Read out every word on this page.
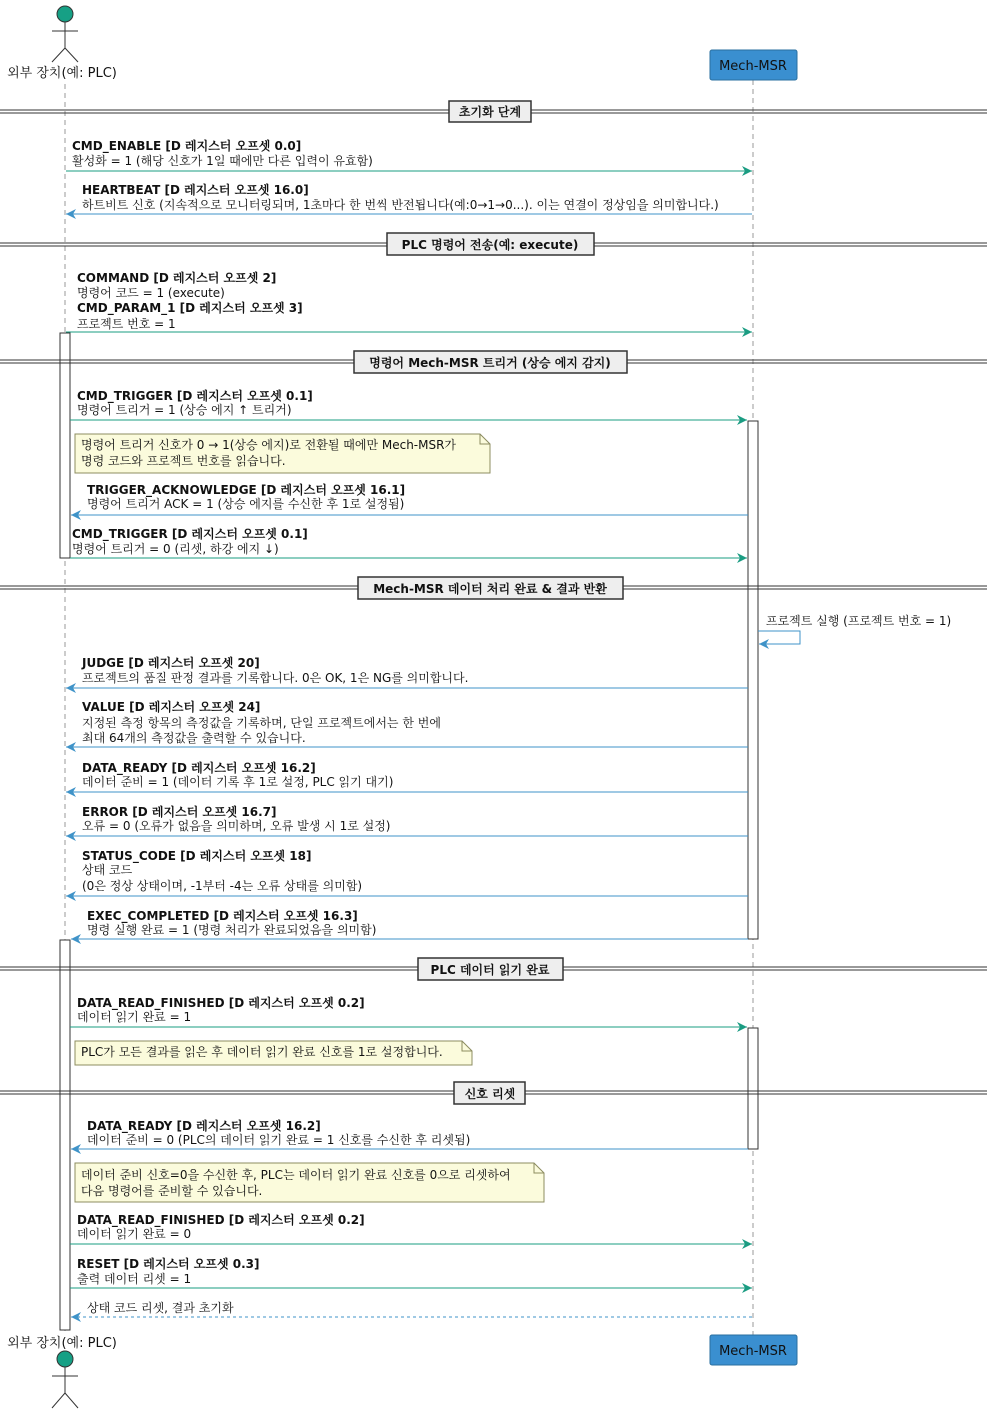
외부 장치(예: PLC)	Mech-MSR
외부 장치(예: PLC)
Mech-MSR
초기화 단계
PLC 명령어 전송(예: execute)
명령어 Mech-MSR 트리거 (상승 에지 감지)
Mech-MSR 데이터 처리 완료 & 결과 반환
PLC 데이터 읽기 완료
신호 리셋
명령어 트리거 신호가 0 → 1(상승 에지)로 전환될 때에만 Mech-MSR가
명령 코드와 프로젝트 번호를 읽습니다.
PLC가 모든 결과를 읽은 후 데이터 읽기 완료 신호를 1로 설정합니다.
데이터 준비 신호=0을 수신한 후, PLC는 데이터 읽기 완료 신호를 0으로 리셋하여
다음 명령어를 준비할 수 있습니다.
CMD_ENABLE [D 레지스터 오프셋 0.0]
활성화 = 1 (해당 신호가 1일 때에만 다른 입력이 유효함)
HEARTBEAT [D 레지스터 오프셋 16.0]
하트비트 신호 (지속적으로 모니터링되며, 1초마다 한 번씩 반전됩니다(예:0→1→0...). 이는 연결이 정상임을 의미합니다.)
COMMAND [D 레지스터 오프셋 2]
명령어 코드 = 1 (execute)
CMD_PARAM_1 [D 레지스터 오프셋 3]
프로젝트 번호 = 1
CMD_TRIGGER [D 레지스터 오프셋 0.1]
명령어 트리거 = 1 (상승 에지 ↑ 트리거)
TRIGGER_ACKNOWLEDGE [D 레지스터 오프셋 16.1]
명령어 트리거 ACK = 1 (상승 에지를 수신한 후 1로 설정됨)
CMD_TRIGGER [D 레지스터 오프셋 0.1]
명령어 트리거 = 0 (리셋, 하강 에지 ↓)
프로젝트 실행 (프로젝트 번호 = 1)
JUDGE [D 레지스터 오프셋 20]
프로젝트의 품질 판정 결과를 기록합니다. 0은 OK, 1은 NG를 의미합니다.
VALUE [D 레지스터 오프셋 24]
지정된 측정 항목의 측정값을 기록하며, 단일 프로젝트에서는 한 번에
최대 64개의 측정값을 출력할 수 있습니다.
DATA_READY [D 레지스터 오프셋 16.2]
데이터 준비 = 1 (데이터 기록 후 1로 설정, PLC 읽기 대기)
ERROR [D 레지스터 오프셋 16.7]
오류 = 0 (오류가 없음을 의미하며, 오류 발생 시 1로 설정)
STATUS_CODE [D 레지스터 오프셋 18]
상태 코드
(0은 정상 상태이며, -1부터 -4는 오류 상태를 의미함)
EXEC_COMPLETED [D 레지스터 오프셋 16.3]
명령 실행 완료 = 1 (명령 처리가 완료되었음을 의미함)
DATA_READ_FINISHED [D 레지스터 오프셋 0.2]
데이터 읽기 완료 = 1
DATA_READY [D 레지스터 오프셋 16.2]
데이터 준비 = 0 (PLC의 데이터 읽기 완료 = 1 신호를 수신한 후 리셋됨)
DATA_READ_FINISHED [D 레지스터 오프셋 0.2]
데이터 읽기 완료 = 0
RESET [D 레지스터 오프셋 0.3]
출력 데이터 리셋 = 1
상태 코드 리셋, 결과 초기화
